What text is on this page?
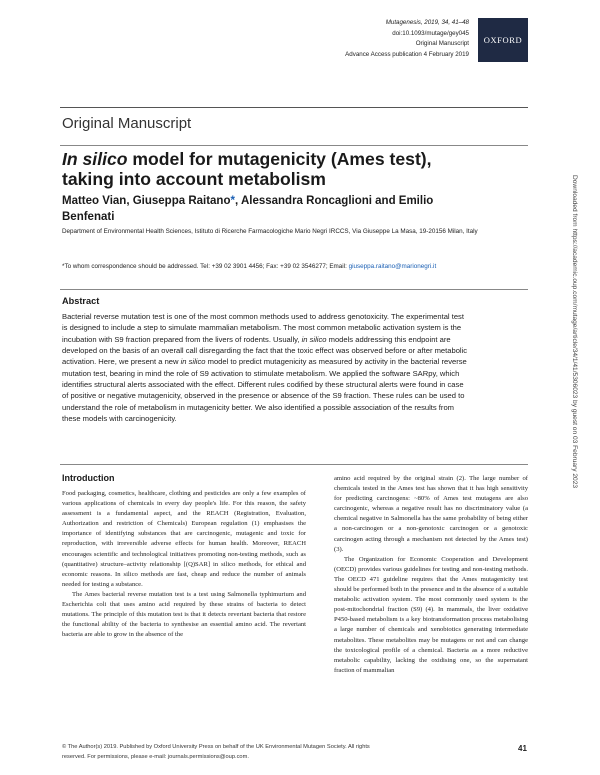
Mutagenesis, 2019, 34, 41–48
doi:10.1093/mutage/gey045
Original Manuscript
Advance Access publication 4 February 2019
OXFORD
Original Manuscript
In silico model for mutagenicity (Ames test), taking into account metabolism
Matteo Vian, Giuseppa Raitano*, Alessandra Roncaglioni and Emilio Benfenati
Department of Environmental Health Sciences, Istituto di Ricerche Farmacologiche Mario Negri IRCCS, Via Giuseppe La Masa, 19-20156 Milan, Italy
*To whom correspondence should be addressed. Tel: +39 02 3901 4456; Fax: +39 02 3546277; Email: giuseppa.raitano@marionegri.it
Abstract
Bacterial reverse mutation test is one of the most common methods used to address genotoxicity. The experimental test is designed to include a step to simulate mammalian metabolism. The most common metabolic activation system is the incubation with S9 fraction prepared from the livers of rodents. Usually, in silico models addressing this endpoint are developed on the basis of an overall call disregarding the fact that the toxic effect was observed before or after metabolic activation. Here, we present a new in silico model to predict mutagenicity as measured by activity in the bacterial reverse mutation test, bearing in mind the role of S9 activation to stimulate metabolism. We applied the software SARpy, which identifies structural alerts associated with the effect. Different rules codified by these structural alerts were found in case of positive or negative mutagenicity, observed in the presence or absence of the S9 fraction. These rules can be used to understand the role of metabolism in mutagenicity better. We also identified a possible association of the results from these models with carcinogenicity.
Introduction

Food packaging, cosmetics, healthcare, clothing and pesticides are only a few examples of various applications of chemicals in every day people's life. For this reason, the safety assessment is a fundamental aspect, and the REACH (Registration, Evaluation, Authorization and restriction of Chemicals) European regulation (1) emphasises the importance of identifying substances that are carcinogenic, mutagenic and toxic for reproduction, with irreversible adverse effects for human health. Moreover, REACH encourages scientific and technological initiatives promoting non-testing methods, such as (quantitative) structure–activity relationship [(Q)SAR] in silico methods, for ethical and economic reasons. In silico methods are fast, cheap and reduce the number of animals needed for testing a substance.

The Ames bacterial reverse mutation test is a test using Salmonella typhimurium and Escherichia coli that uses amino acid required by these strains of bacteria to detect mutations. The principle of this mutation test is that it detects revertant bacteria that restore the functional ability of the bacteria to synthesise an essential amino acid. The revertant bacteria are able to grow in the absence of the

amino acid required by the original strain (2). The large number of chemicals tested in the Ames test has shown that it has high sensitivity for predicting carcinogens: ~80% of Ames test mutagens are also carcinogenic, whereas a negative result has no discriminatory value (a chemical negative in Salmonella has the same probability of being either a non-carcinogen or a non-genotoxic carcinogen or a genotoxic carcinogen acting through a mechanism not detected by the Ames test) (3).

The Organization for Economic Cooperation and Development (OECD) provides various guidelines for testing and non-testing methods. The OECD 471 guideline requires that the Ames mutagenicity test should be performed both in the presence and in the absence of a suitable metabolic activation system. The most commonly used system is the post-mitochondrial fraction (S9) (4). In mammals, the liver oxidative P450-based metabolism is a key biotransformation process metabolising a large number of chemicals and xenobiotics generating intermediate metabolites. These metabolites may be mutagens or not and can change the toxicological profile of a chemical. Bacteria as a more reductive metabolic capability, lacking the oxidising one, so the supernatant fraction of mammalian

© The Author(s) 2019. Published by Oxford University Press on behalf of the UK Environmental Mutagen Society. All rights
reserved. For permissions, please e-mail: journals.permissions@oup.com.
41
Downloaded from https://academic.oup.com/mutage/article/34/1/41/5306023 by guest on 03 February 2023
